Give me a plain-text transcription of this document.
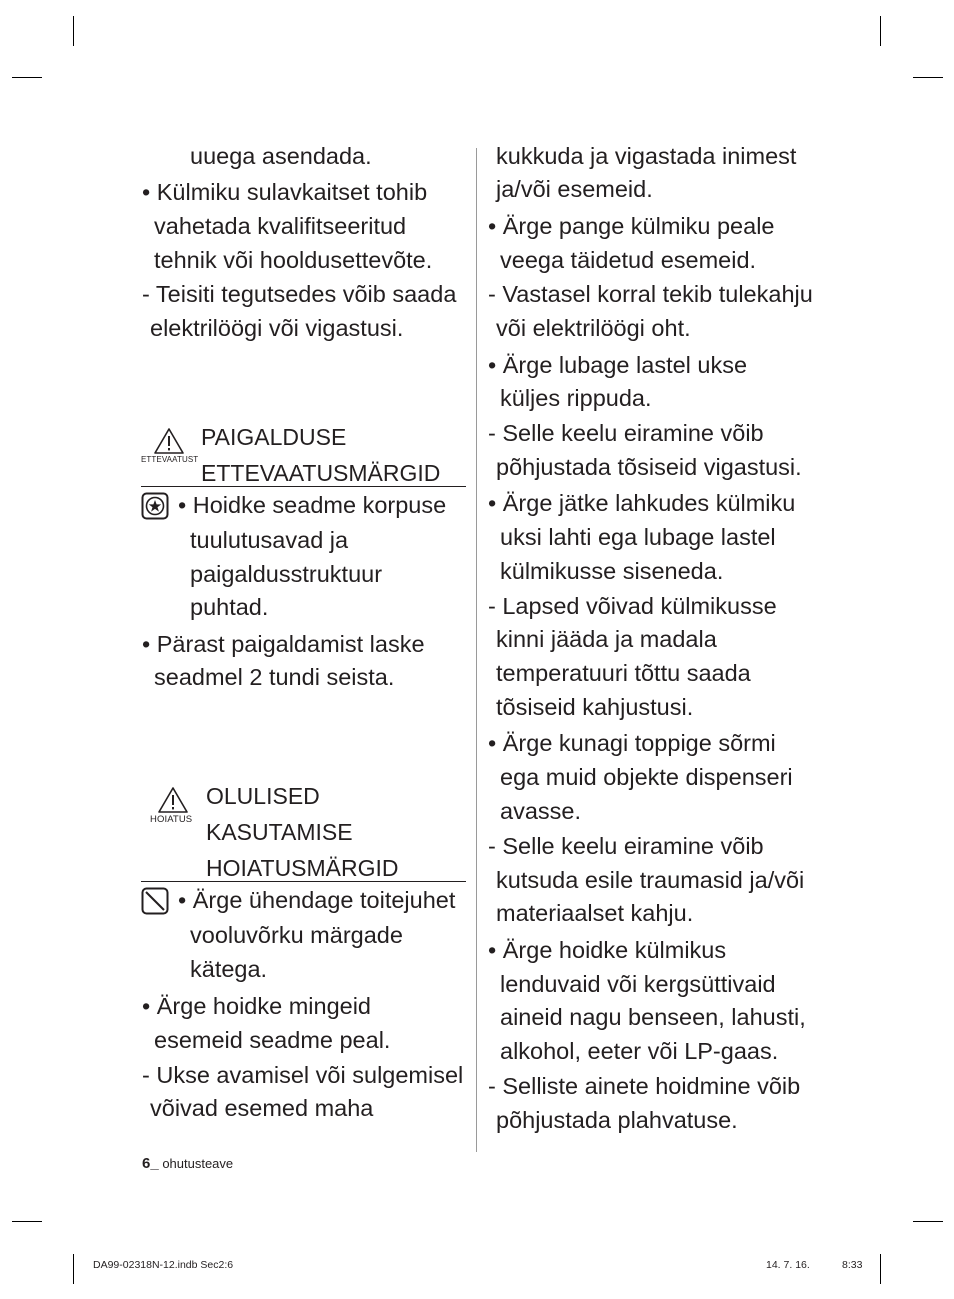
uuega asendada.
• Külmiku sulavkaitset tohib
vahetada kvalifitseeritud
tehnik või hooldusettevõte.
- Teisiti tegutsedes võib saada
elektrilöögi või vigastusi.
ETTEVAATUST
PAIGALDUSE
ETTEVAATUSMÄRGID
• Hoidke seadme korpuse
tuulutusavad ja
paigaldusstruktuur
puhtad.
• Pärast paigaldamist laske
seadmel 2 tundi seista.
HOIATUS
OLULISED
KASUTAMISE
HOIATUSMÄRGID
• Ärge ühendage toitejuhet
vooluvõrku märgade
kätega.
• Ärge hoidke mingeid
esemeid seadme peal.
- Ukse avamisel või sulgemisel
võivad esemed maha
kukkuda ja vigastada inimest
ja/või esemeid.
• Ärge pange külmiku peale
veega täidetud esemeid.
- Vastasel korral tekib tulekahju
või elektrilöögi oht.
• Ärge lubage lastel ukse
küljes rippuda.
- Selle keelu eiramine võib
põhjustada tõsiseid vigastusi.
• Ärge jätke lahkudes külmiku
uksi lahti ega lubage lastel
külmikusse siseneda.
- Lapsed võivad külmikusse
kinni jääda ja madala
temperatuuri tõttu saada
tõsiseid kahjustusi.
• Ärge kunagi toppige sõrmi
ega muid objekte dispenseri
avasse.
- Selle keelu eiramine võib
kutsuda esile traumasid ja/või
materiaalset kahju.
• Ärge hoidke külmikus
lenduvaid või kergsüttivaid
aineid nagu benseen, lahusti,
alkohol, eeter või LP-gaas.
- Selliste ainete hoidmine võib
põhjustada plahvatuse.
6_ ohutusteave
DA99-02318N-12.indb Sec2:6	14. 7. 16.	8:33
